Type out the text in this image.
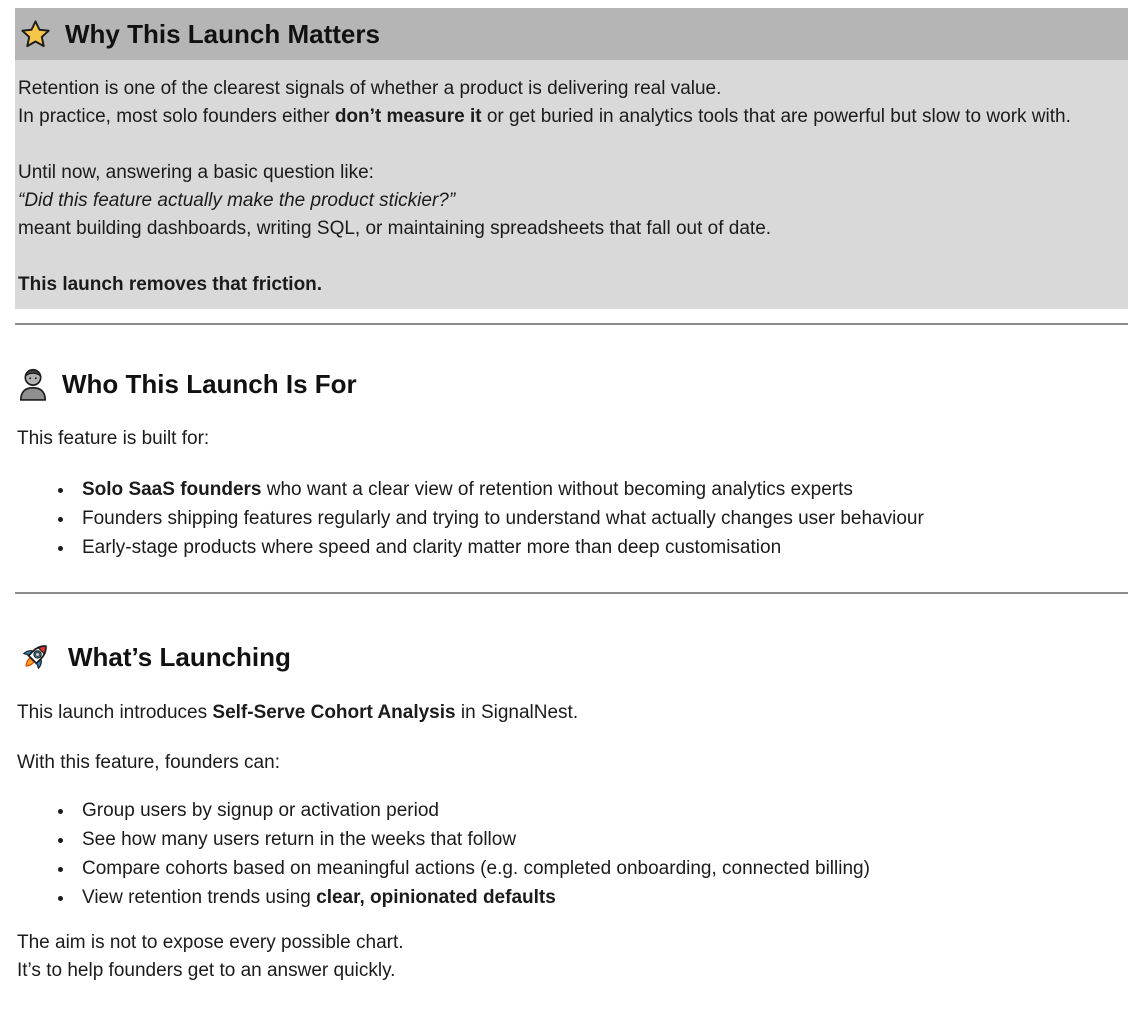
Why This Launch Matters

Retention is one of the clearest signals of whether a product is delivering real value.
In practice, most solo founders either don’t measure it or get buried in analytics tools that are powerful but slow to work with.

Until now, answering a basic question like:
“Did this feature actually make the product stickier?”
meant building dashboards, writing SQL, or maintaining spreadsheets that fall out of date.

This launch removes that friction.

Who This Launch Is For

This feature is built for:

• Solo SaaS founders who want a clear view of retention without becoming analytics experts
• Founders shipping features regularly and trying to understand what actually changes user behaviour
• Early-stage products where speed and clarity matter more than deep customisation
What’s Launching

This launch introduces Self-Serve Cohort Analysis in SignalNest.

With this feature, founders can:

• Group users by signup or activation period
• See how many users return in the weeks that follow
• Compare cohorts based on meaningful actions (e.g. completed onboarding, connected billing)
• View retention trends using clear, opinionated defaults

The aim is not to expose every possible chart.
It’s to help founders get to an answer quickly.
